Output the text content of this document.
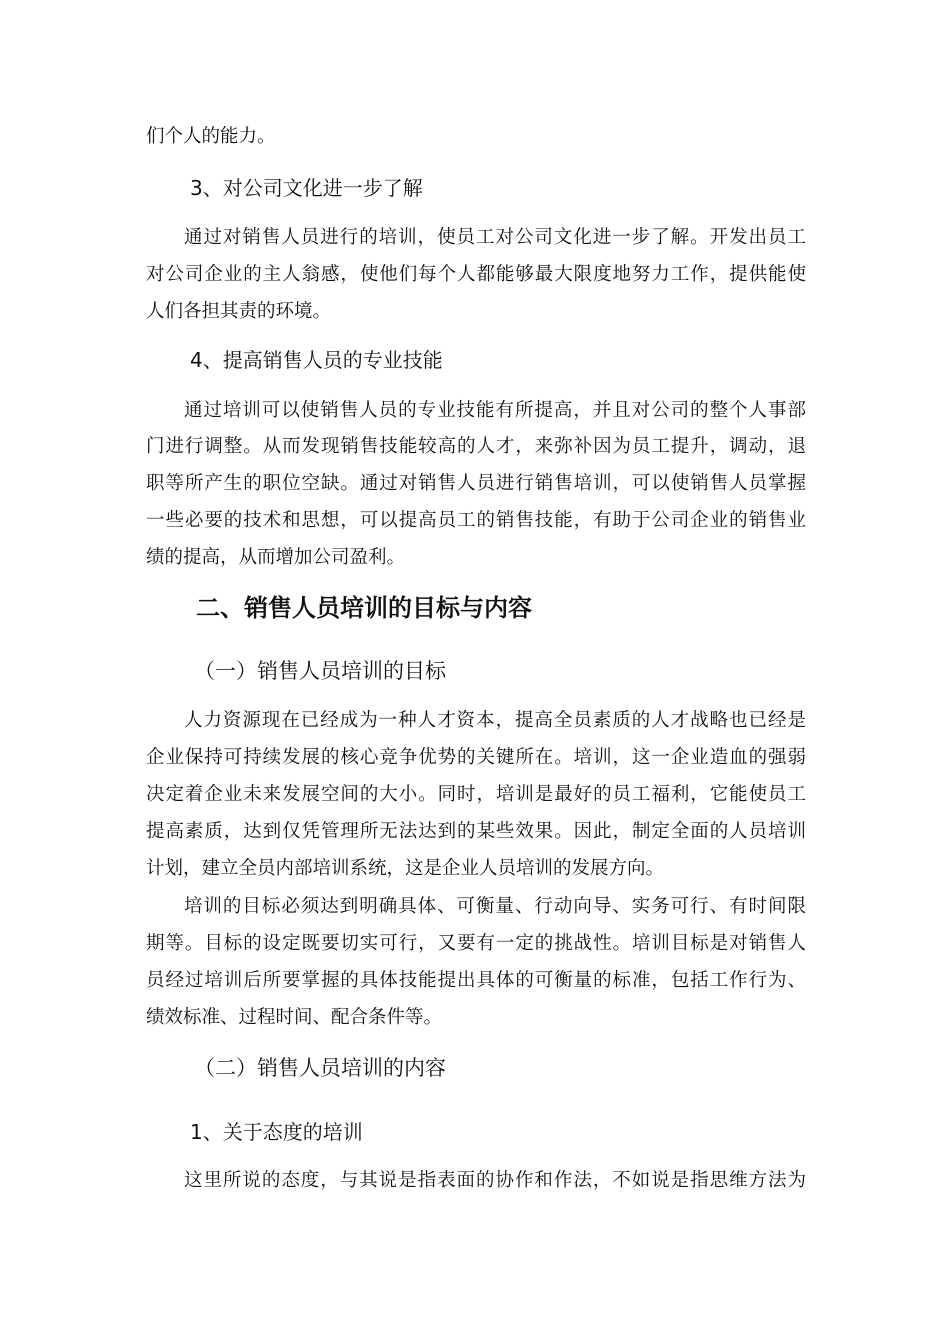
们个人的能力。
3、对公司文化进一步了解
通过对销售人员进行的培训，使员工对公司文化进一步了解。开发出员工
对公司企业的主人翁感，使他们每个人都能够最大限度地努力工作，提供能使
人们各担其责的环境。
4、提高销售人员的专业技能
通过培训可以使销售人员的专业技能有所提高，并且对公司的整个人事部
门进行调整。从而发现销售技能较高的人才，来弥补因为员工提升，调动，退
职等所产生的职位空缺。通过对销售人员进行销售培训，可以使销售人员掌握
一些必要的技术和思想，可以提高员工的销售技能，有助于公司企业的销售业
绩的提高，从而增加公司盈利。
二、销售人员培训的目标与内容
（一）销售人员培训的目标
人力资源现在已经成为一种人才资本，提高全员素质的人才战略也已经是
企业保持可持续发展的核心竞争优势的关键所在。培训，这一企业造血的强弱
决定着企业未来发展空间的大小。同时，培训是最好的员工福利，它能使员工
提高素质，达到仅凭管理所无法达到的某些效果。因此，制定全面的人员培训
计划，建立全员内部培训系统，这是企业人员培训的发展方向。
培训的目标必须达到明确具体、可衡量、行动向导、实务可行、有时间限
期等。目标的设定既要切实可行，又要有一定的挑战性。培训目标是对销售人
员经过培训后所要掌握的具体技能提出具体的可衡量的标准，包括工作行为、
绩效标准、过程时间、配合条件等。
（二）销售人员培训的内容
1、关于态度的培训
这里所说的态度，与其说是指表面的协作和作法，不如说是指思维方法为
